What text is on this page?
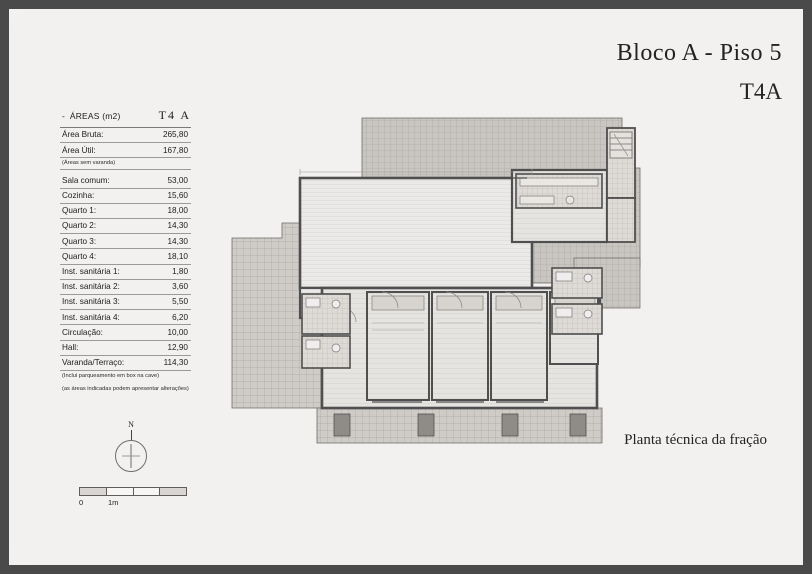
Bloco A - Piso 5
T4A
Planta técnica da fração
- ÁREAS (m2)	T4 A
Área Bruta:	265,80
Área Útil:	167,80
(Áreas sem varanda)
Sala comum:	53,00
Cozinha:	15,60
Quarto 1:	18,00
Quarto 2:	14,30
Quarto 3:	14,30
Quarto 4:	18,10
Inst. sanitária 1:	1,80
Inst. sanitária 2:	3,60
Inst. sanitária 3:	5,50
Inst. sanitária 4:	6,20
Circulação:	10,00
Hall:	12,90
Varanda/Terraço:	114,30
(Inclui parqueamento em box na cave)
(as áreas indicadas podem apresentar alterações)
N
0	1m
